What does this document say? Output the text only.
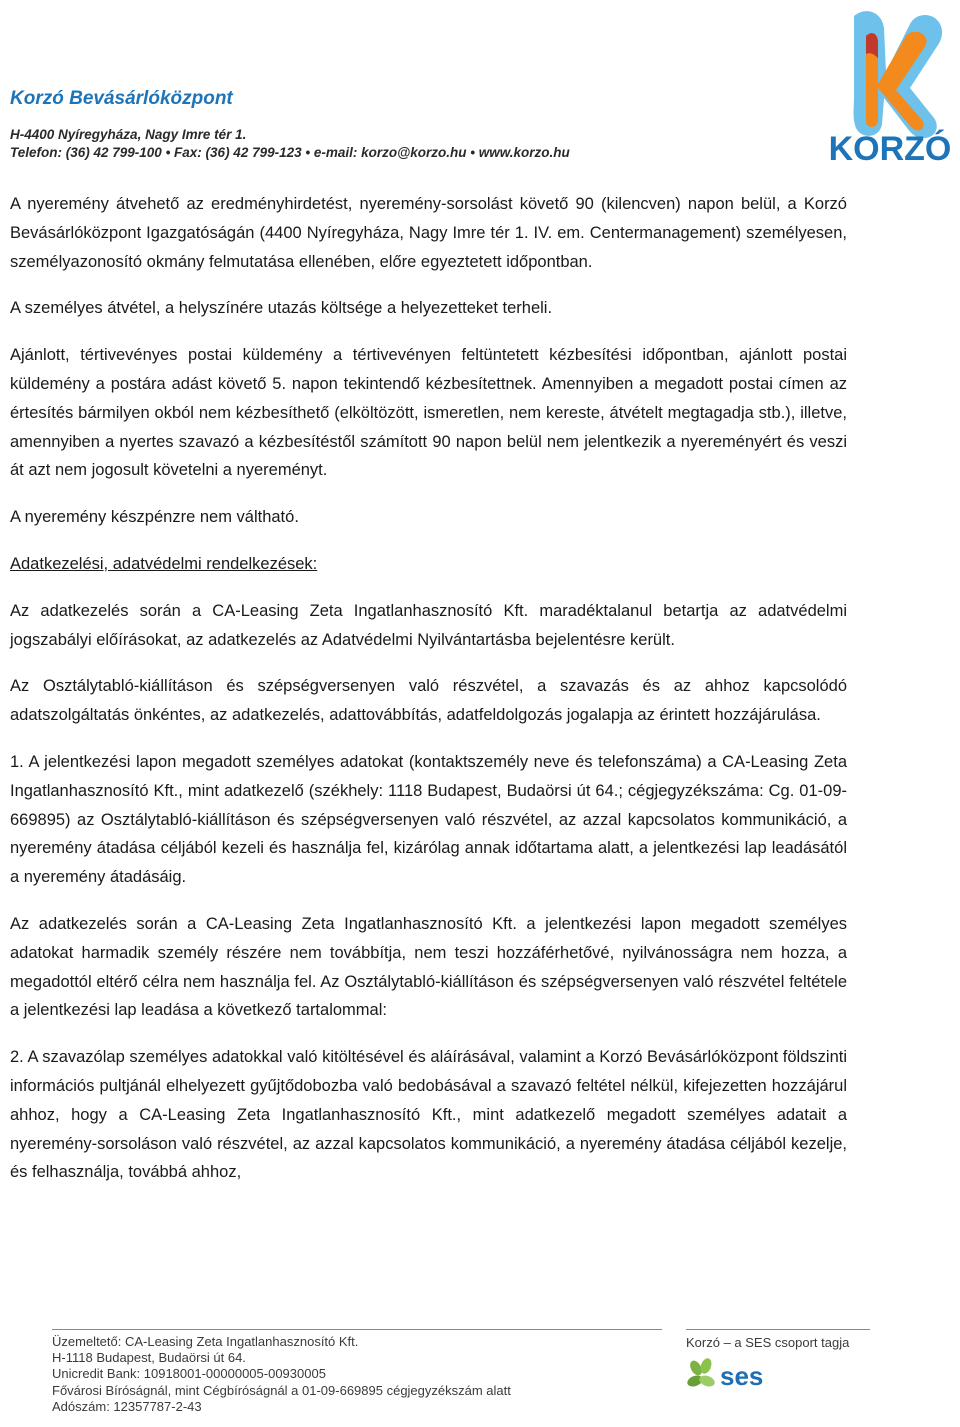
Korzó Bevásárlóközpont
H-4400 Nyíregyháza, Nagy Imre tér 1.
Telefon: (36) 42 799-100 • Fax: (36) 42 799-123 • e-mail: korzo@korzo.hu • www.korzo.hu	KORZÓ

A nyeremény átvehető az eredményhirdetést, nyeremény-sorsolást követő 90 (kilencven) napon belül, a Korzó Bevásárlóközpont Igazgatóságán (4400 Nyíregyháza, Nagy Imre tér 1. IV. em. Centermanagement) személyesen, személyazonosító okmány felmutatása ellenében, előre egyeztetett időpontban.

A személyes átvétel, a helyszínére utazás költsége a helyezetteket terheli.

Ajánlott, tértivevényes postai küldemény a tértivevényen feltüntetett kézbesítési időpontban, ajánlott postai küldemény a postára adást követő 5. napon tekintendő kézbesítettnek. Amennyiben a megadott postai címen az értesítés bármilyen okból nem kézbesíthető (elköltözött, ismeretlen, nem kereste, átvételt megtagadja stb.), illetve, amennyiben a nyertes szavazó a kézbesítéstől számított 90 napon belül nem jelentkezik a nyereményért és veszi át azt nem jogosult követelni a nyereményt.

A nyeremény készpénzre nem váltható.

Adatkezelési, adatvédelmi rendelkezések:

Az adatkezelés során a CA-Leasing Zeta Ingatlanhasznosító Kft. maradéktalanul betartja az adatvédelmi jogszabályi előírásokat, az adatkezelés az Adatvédelmi Nyilvántartásba bejelentésre került.

Az Osztálytabló-kiállításon és szépségversenyen való részvétel, a szavazás és az ahhoz kapcsolódó adatszolgáltatás önkéntes, az adatkezelés, adattovábbítás, adatfeldolgozás jogalapja az érintett hozzájárulása.

1. A jelentkezési lapon megadott személyes adatokat (kontaktszemély neve és telefonszáma) a CA-Leasing Zeta Ingatlanhasznosító Kft., mint adatkezelő (székhely: 1118 Budapest, Budaörsi út 64.; cégjegyzékszáma: Cg. 01-09-669895) az Osztálytabló-kiállításon és szépségversenyen való részvétel, az azzal kapcsolatos kommunikáció, a nyeremény átadása céljából kezeli és használja fel, kizárólag annak időtartama alatt, a jelentkezési lap leadásától a nyeremény átadásáig.

Az adatkezelés során a CA-Leasing Zeta Ingatlanhasznosító Kft. a jelentkezési lapon megadott személyes adatokat harmadik személy részére nem továbbítja, nem teszi hozzáférhetővé, nyilvánosságra nem hozza, a megadottól eltérő célra nem használja fel. Az Osztálytabló-kiállításon és szépségversenyen való részvétel feltétele a jelentkezési lap leadása a következő tartalommal:

2. A szavazólap személyes adatokkal való kitöltésével és aláírásával, valamint a Korzó Bevásárlóközpont földszinti információs pultjánál elhelyezett gyűjtődobozba való bedobásával a szavazó feltétel nélkül, kifejezetten hozzájárul ahhoz, hogy a CA-Leasing Zeta Ingatlanhasznosító Kft., mint adatkezelő megadott személyes adatait a nyeremény-sorsoláson való részvétel, az azzal kapcsolatos kommunikáció, a nyeremény átadása céljából kezelje, és felhasználja, továbbá ahhoz,

Üzemeltető: CA-Leasing Zeta Ingatlanhasznosító Kft.
H-1118 Budapest, Budaörsi út 64.
Unicredit Bank: 10918001-00000005-00930005
Fővárosi Bíróságnál, mint Cégbíróságnál a 01-09-669895 cégjegyzékszám alatt
Adószám: 12357787-2-43
Korzó – a SES csoport tagja
ses
